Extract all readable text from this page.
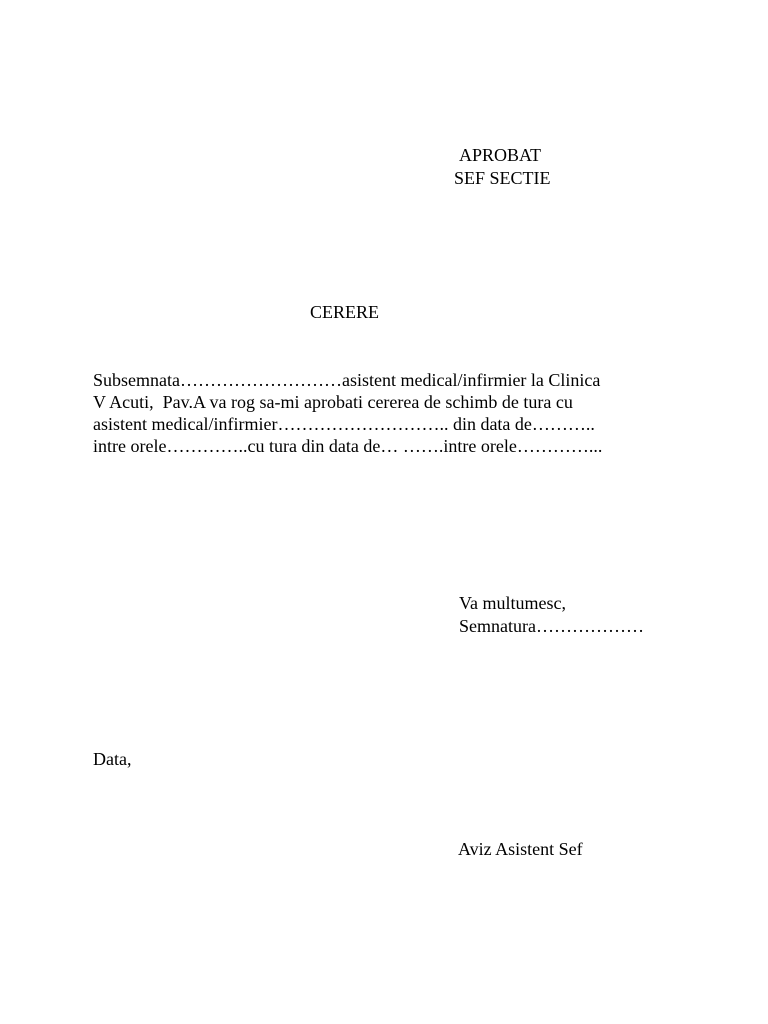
APROBAT
SEF SECTIE
CERERE
Subsemnata………………………asistent medical/infirmier la Clinica
V Acuti,  Pav.A va rog sa-mi aprobati cererea de schimb de tura cu
asistent medical/infirmier……………………….. din data de………..
intre orele…………..cu tura din data de… …….intre orele…………...
Va multumesc,
Semnatura………………
Data,
Aviz Asistent Sef
